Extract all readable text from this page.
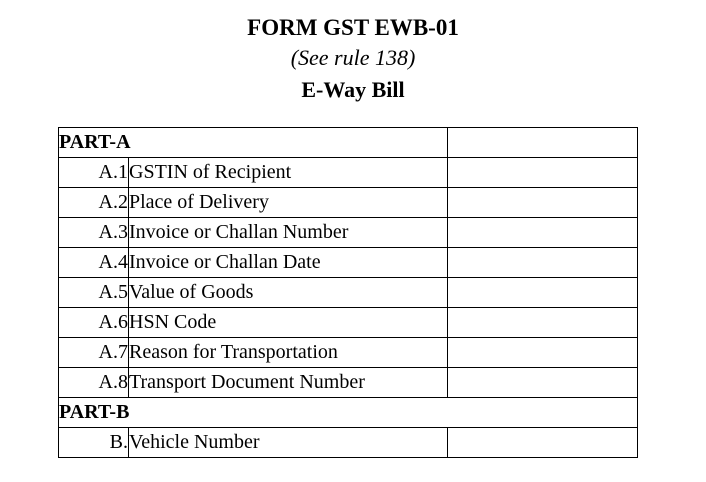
FORM GST EWB-01
(See rule 138)
E-Way Bill
PART-A		
A.1	GSTIN of Recipient	
A.2	Place of Delivery	
A.3	Invoice or Challan Number	
A.4	Invoice or Challan Date	
A.5	Value of Goods	
A.6	HSN Code	
A.7	Reason for Transportation	
A.8	Transport Document Number	
PART-B		
B.	Vehicle Number	
